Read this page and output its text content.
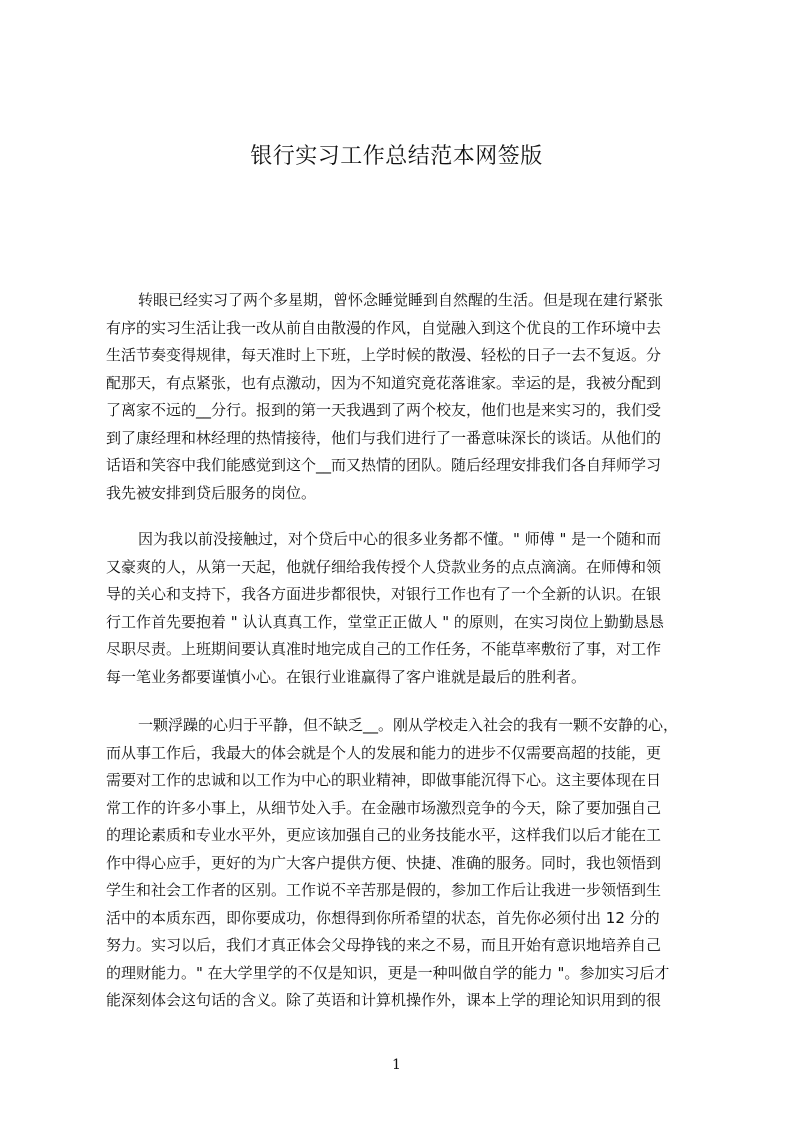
银行实习工作总结范本网签版
转眼已经实习了两个多星期，曾怀念睡觉睡到自然醒的生活。但是现在建行紧张
有序的实习生活让我一改从前自由散漫的作风，自觉融入到这个优良的工作环境中去
生活节奏变得规律，每天准时上下班，上学时候的散漫、轻松的日子一去不复返。分
配那天，有点紧张，也有点激动，因为不知道究竟花落谁家。幸运的是，我被分配到
了离家不远的__分行。报到的第一天我遇到了两个校友，他们也是来实习的，我们受
到了康经理和林经理的热情接待，他们与我们进行了一番意味深长的谈话。从他们的
话语和笑容中我们能感觉到这个__而又热情的团队。随后经理安排我们各自拜师学习
我先被安排到贷后服务的岗位。
因为我以前没接触过，对个贷后中心的很多业务都不懂。" 师傅 " 是一个随和而
又豪爽的人，从第一天起，他就仔细给我传授个人贷款业务的点点滴滴。在师傅和领
导的关心和支持下，我各方面进步都很快，对银行工作也有了一个全新的认识。在银
行工作首先要抱着 " 认认真真工作，堂堂正正做人 " 的原则，在实习岗位上勤勤恳恳
尽职尽责。上班期间要认真准时地完成自己的工作任务，不能草率敷衍了事，对工作
每一笔业务都要谨慎小心。在银行业谁赢得了客户谁就是最后的胜利者。
一颗浮躁的心归于平静，但不缺乏__。刚从学校走入社会的我有一颗不安静的心，
而从事工作后，我最大的体会就是个人的发展和能力的进步不仅需要高超的技能，更
需要对工作的忠诚和以工作为中心的职业精神，即做事能沉得下心。这主要体现在日
常工作的许多小事上，从细节处入手。在金融市场激烈竞争的今天，除了要加强自己
的理论素质和专业水平外，更应该加强自己的业务技能水平，这样我们以后才能在工
作中得心应手，更好的为广大客户提供方便、快捷、准确的服务。同时，我也领悟到
学生和社会工作者的区别。工作说不辛苦那是假的，参加工作后让我进一步领悟到生
活中的本质东西，即你要成功，你想得到你所希望的状态，首先你必须付出 12 分的
努力。实习以后，我们才真正体会父母挣钱的来之不易，而且开始有意识地培养自己
的理财能力。" 在大学里学的不仅是知识，更是一种叫做自学的能力 "。参加实习后才
能深刻体会这句话的含义。除了英语和计算机操作外，课本上学的理论知识用到的很
1
